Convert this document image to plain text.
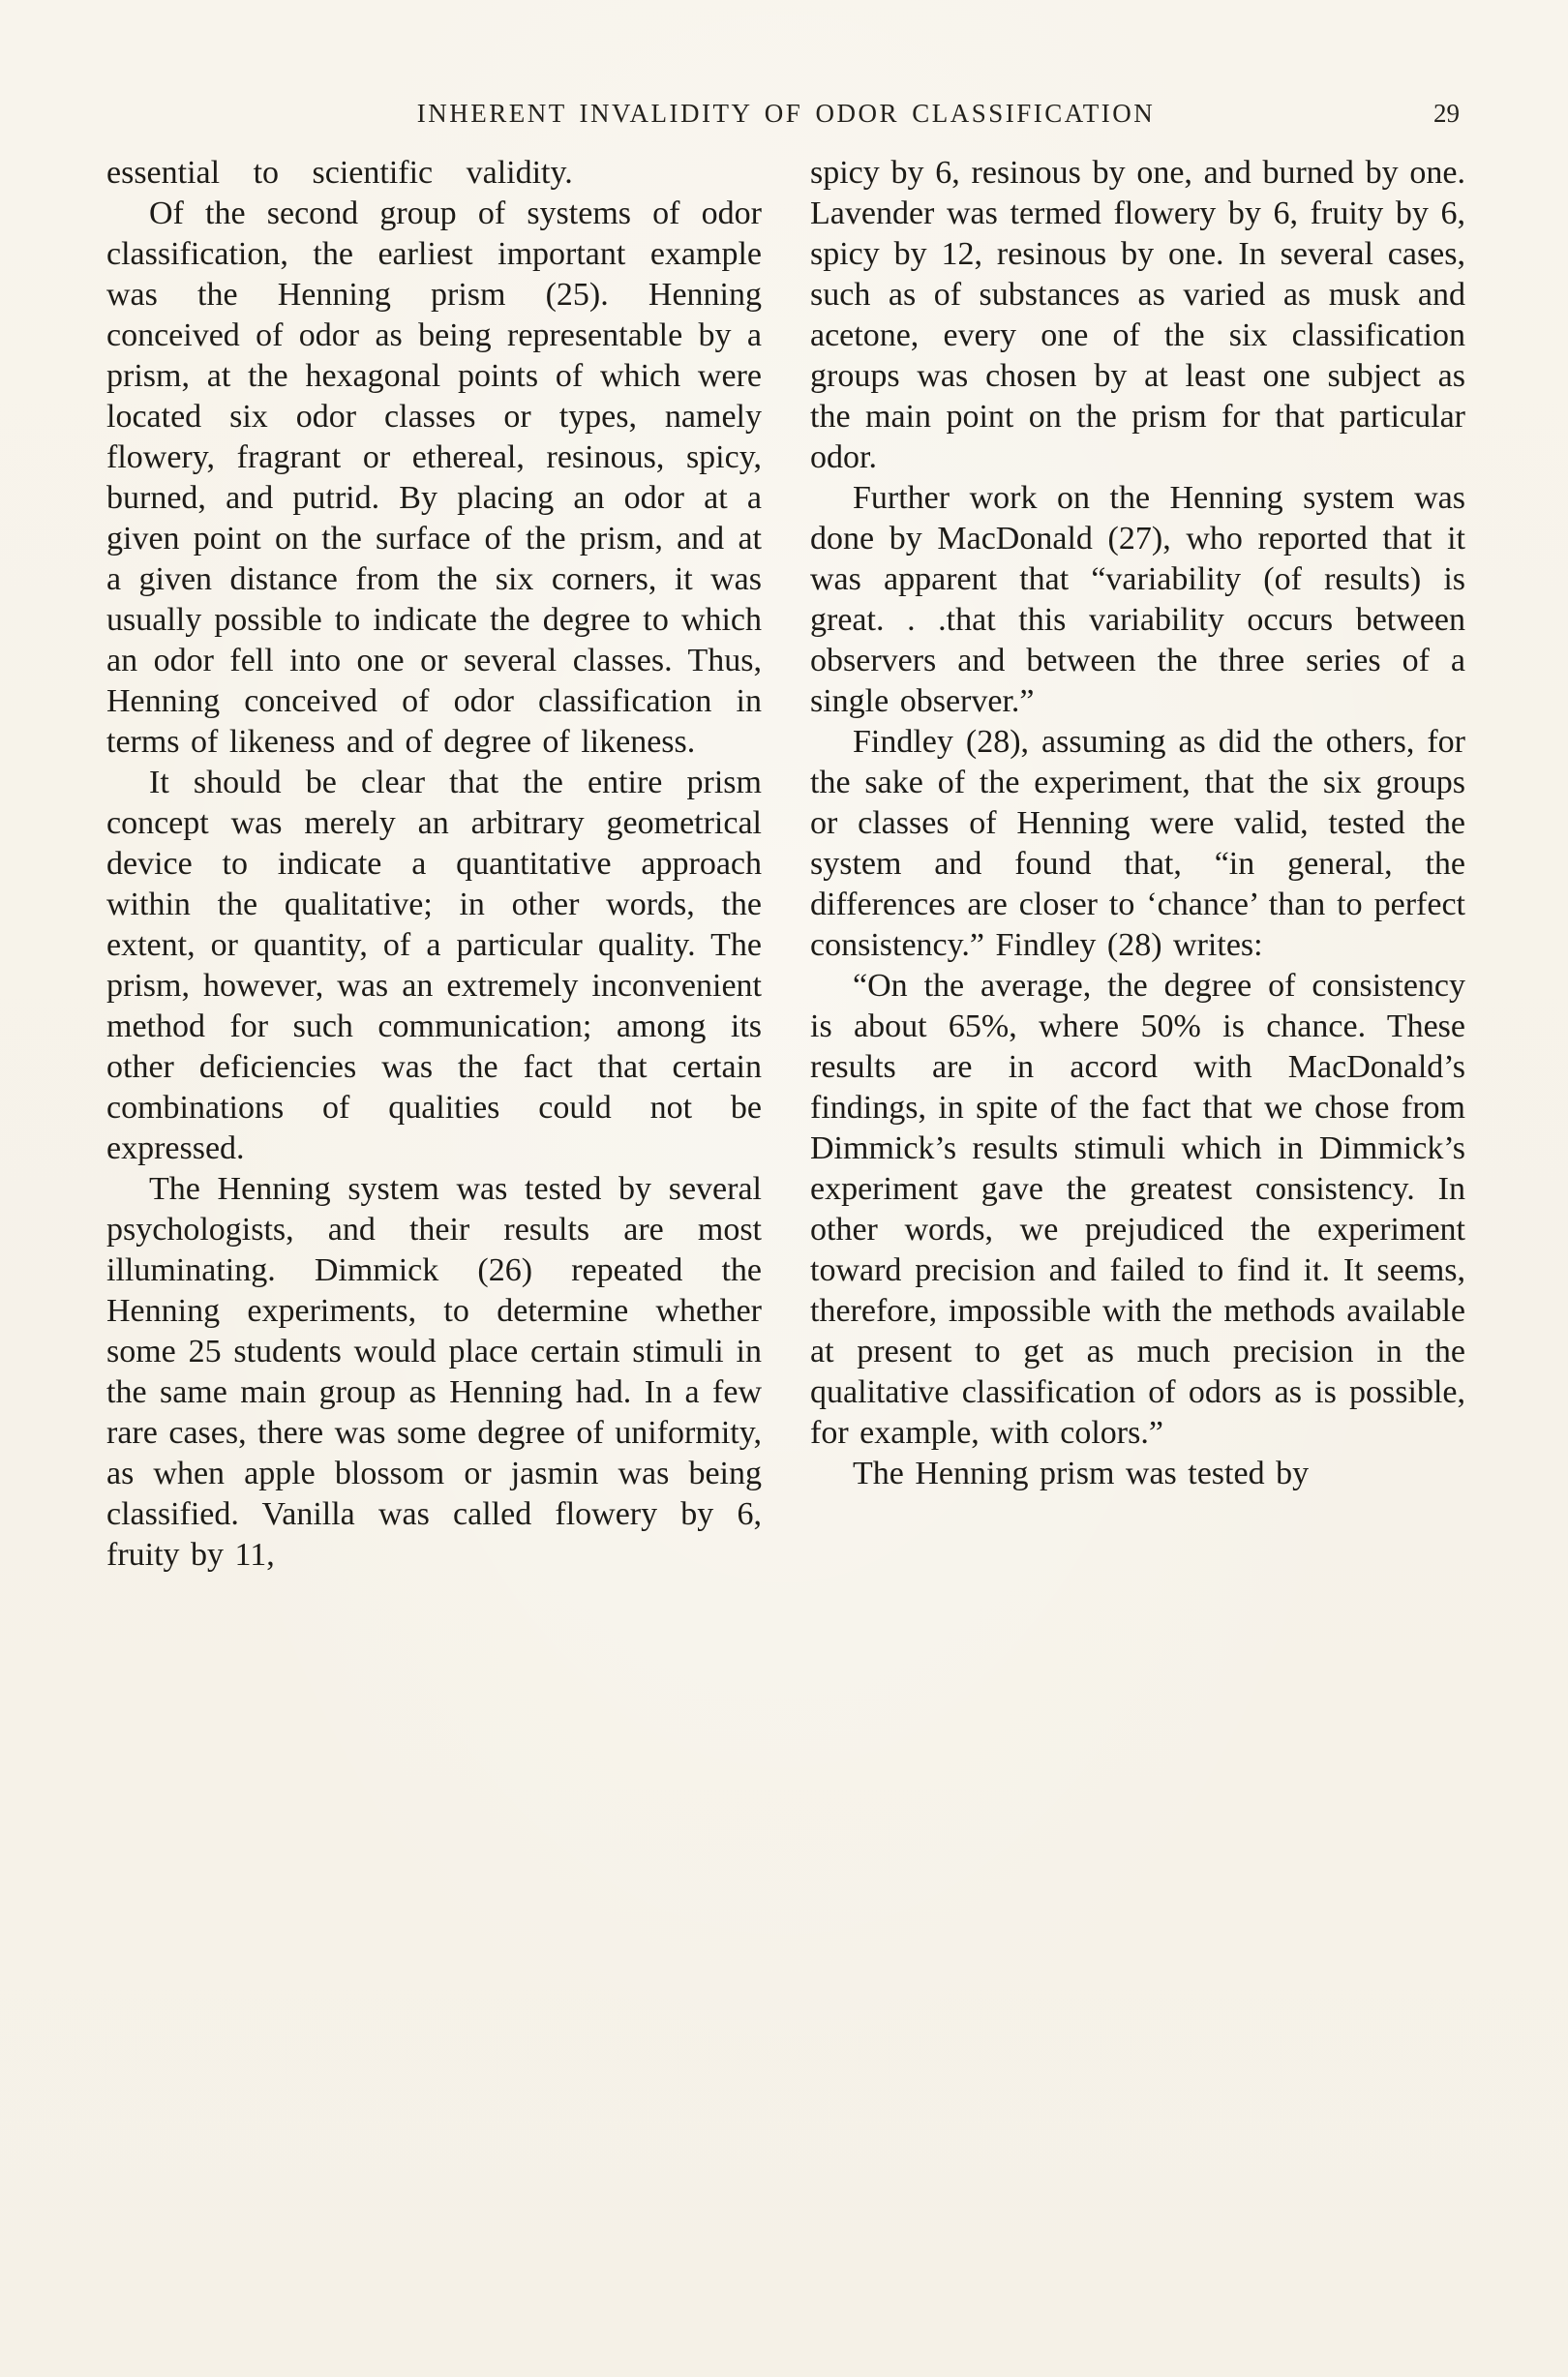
INHERENT INVALIDITY OF ODOR CLASSIFICATION	29

essential to scientific validity.

Of the second group of systems of odor classification, the earliest important example was the Henning prism (25). Henning conceived of odor as being representable by a prism, at the hexagonal points of which were located six odor classes or types, namely flowery, fragrant or ethereal, resinous, spicy, burned, and putrid. By placing an odor at a given point on the surface of the prism, and at a given distance from the six corners, it was usually possible to indicate the degree to which an odor fell into one or several classes. Thus, Henning conceived of odor classification in terms of likeness and of degree of likeness.

It should be clear that the entire prism concept was merely an arbitrary geometrical device to indicate a quantitative approach within the qualitative; in other words, the extent, or quantity, of a particular quality. The prism, however, was an extremely inconvenient method for such communication; among its other deficiencies was the fact that certain combinations of qualities could not be expressed.

The Henning system was tested by several psychologists, and their results are most illuminating. Dimmick (26) repeated the Henning experiments, to determine whether some 25 students would place certain stimuli in the same main group as Henning had. In a few rare cases, there was some degree of uniformity, as when apple blossom or jasmin was being classified. Vanilla was called flowery by 6, fruity by 11,

spicy by 6, resinous by one, and burned by one. Lavender was termed flowery by 6, fruity by 6, spicy by 12, resinous by one. In several cases, such as of substances as varied as musk and acetone, every one of the six classification groups was chosen by at least one subject as the main point on the prism for that particular odor.

Further work on the Henning system was done by MacDonald (27), who reported that it was apparent that “variability (of results) is great. . .that this variability occurs between observers and between the three series of a single observer.”

Findley (28), assuming as did the others, for the sake of the experiment, that the six groups or classes of Henning were valid, tested the system and found that, “in general, the differences are closer to ‘chance’ than to perfect consistency.” Findley (28) writes:

“On the average, the degree of consistency is about 65%, where 50% is chance. These results are in accord with MacDonald’s findings, in spite of the fact that we chose from Dimmick’s results stimuli which in Dimmick’s experiment gave the greatest consistency. In other words, we prejudiced the experiment toward precision and failed to find it. It seems, therefore, impossible with the methods available at present to get as much precision in the qualitative classification of odors as is possible, for example, with colors.”

The Henning prism was tested by
